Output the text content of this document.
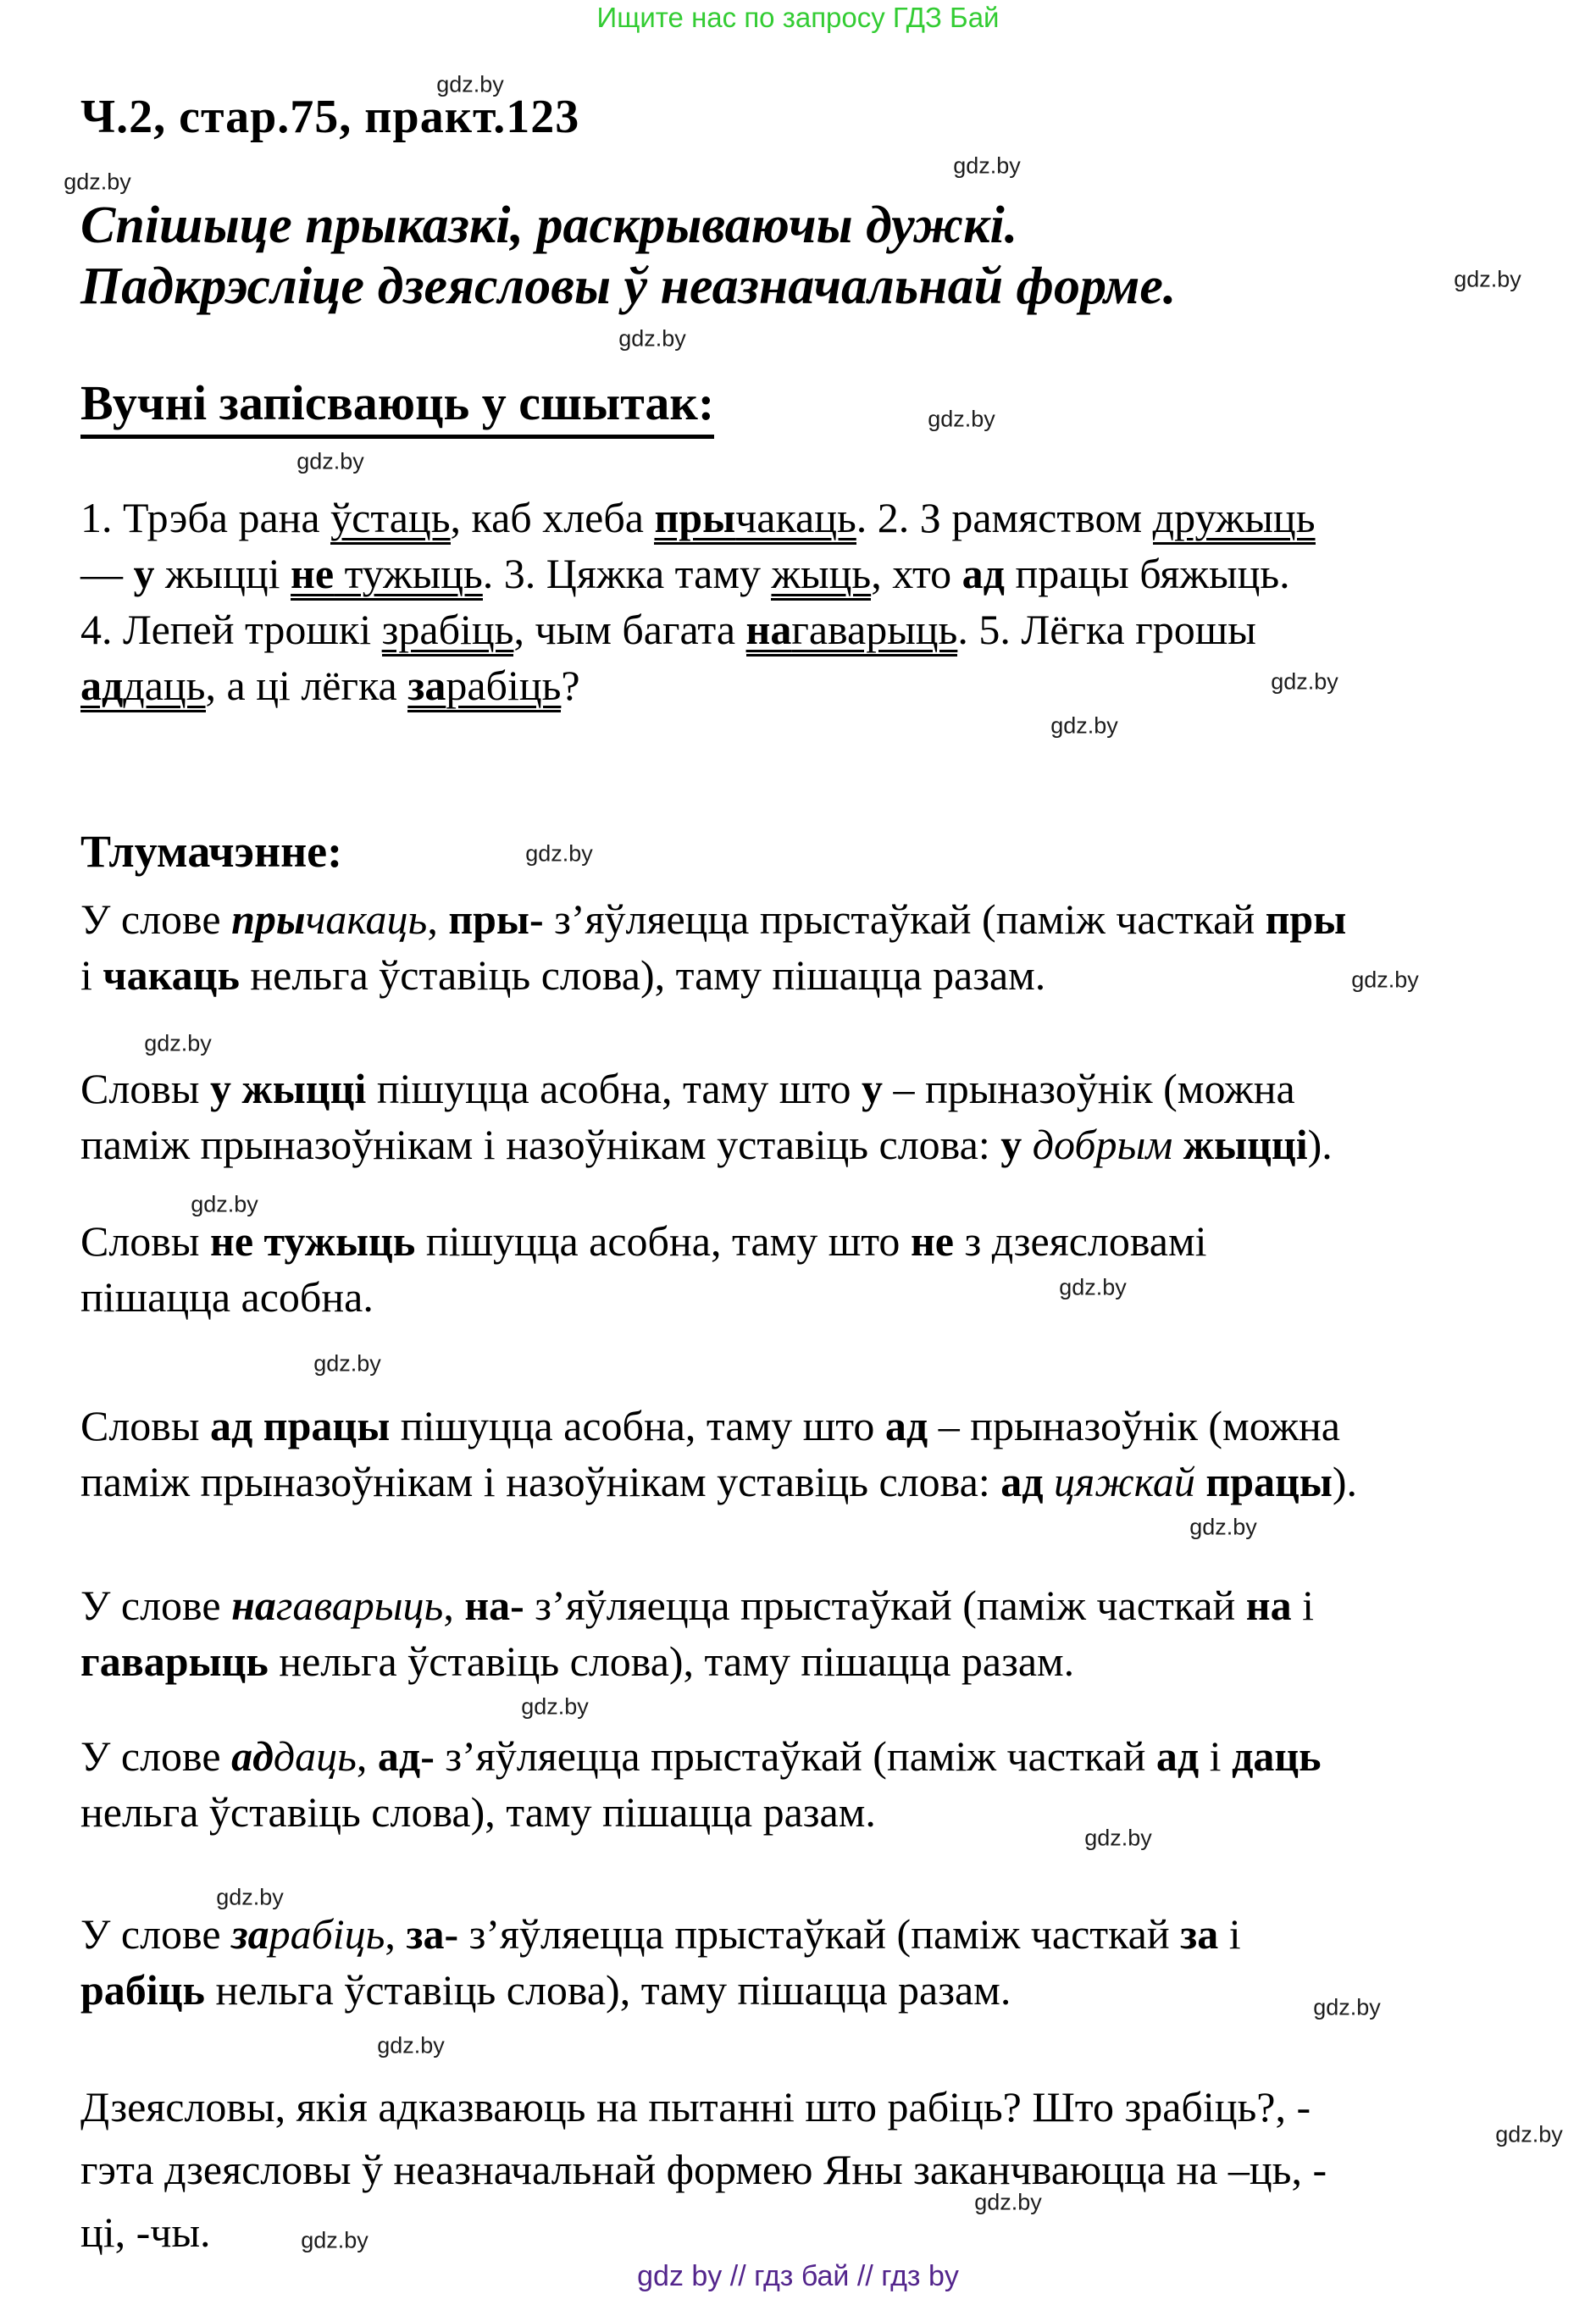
Ищите нас по запросу ГДЗ Бай
Ч.2, стар.75, практ.123
Спішыце прыказкі, раскрываючы дужкі.
Падкрэсліце дзеясловы ў неазначальнай форме.
Вучні запісваюць у сшытак:
1. Трэба рана ўстаць, каб хлеба прычакаць. 2. З рамяством дружыць
— у жыцці не тужыць. 3. Цяжка таму жыць, хто ад працы бяжыць.
4. Лепей трошкі зрабіць, чым багата нагаварыць. 5. Лёгка грошы
аддаць, а ці лёгка зарабіць?
Тлумачэнне:
У слове прычакаць, пры- з’яўляецца прыстаўкай (паміж часткай пры
і чакаць нельга ўставіць слова), таму пішацца разам.
Словы у жыцці пішуцца асобна, таму што у – прыназоўнік (можна
паміж прыназоўнікам і назоўнікам уставіць слова: у добрым жыцці).
Словы не тужыць пішуцца асобна, таму што не з дзеясловамі
пішацца асобна.
Словы ад працы пішуцца асобна, таму што ад – прыназоўнік (можна
паміж прыназоўнікам і назоўнікам уставіць слова: ад цяжкай працы).
У слове нагаварыць, на- з’яўляецца прыстаўкай (паміж часткай на і
гаварыць нельга ўставіць слова), таму пішацца разам.
У слове аддаць, ад- з’яўляецца прыстаўкай (паміж часткай ад і даць
нельга ўставіць слова), таму пішацца разам.
У слове зарабіць, за- з’яўляецца прыстаўкай (паміж часткай за і
рабіць нельга ўставіць слова), таму пішацца разам.
Дзеясловы, якія адказваюць на пытанні што рабіць? Што зрабіць?, -
гэта дзеясловы ў неазначальнай формею Яны заканчваюцца на –ць, -
ці, -чы.
gdz by // гдз бай // гдз by
gdz.by
gdz.by
gdz.by
gdz.by
gdz.by
gdz.by
gdz.by
gdz.by
gdz.by
gdz.by
gdz.by
gdz.by
gdz.by
gdz.by
gdz.by
gdz.by
gdz.by
gdz.by
gdz.by
gdz.by
gdz.by
gdz.by
gdz.by
gdz.by
